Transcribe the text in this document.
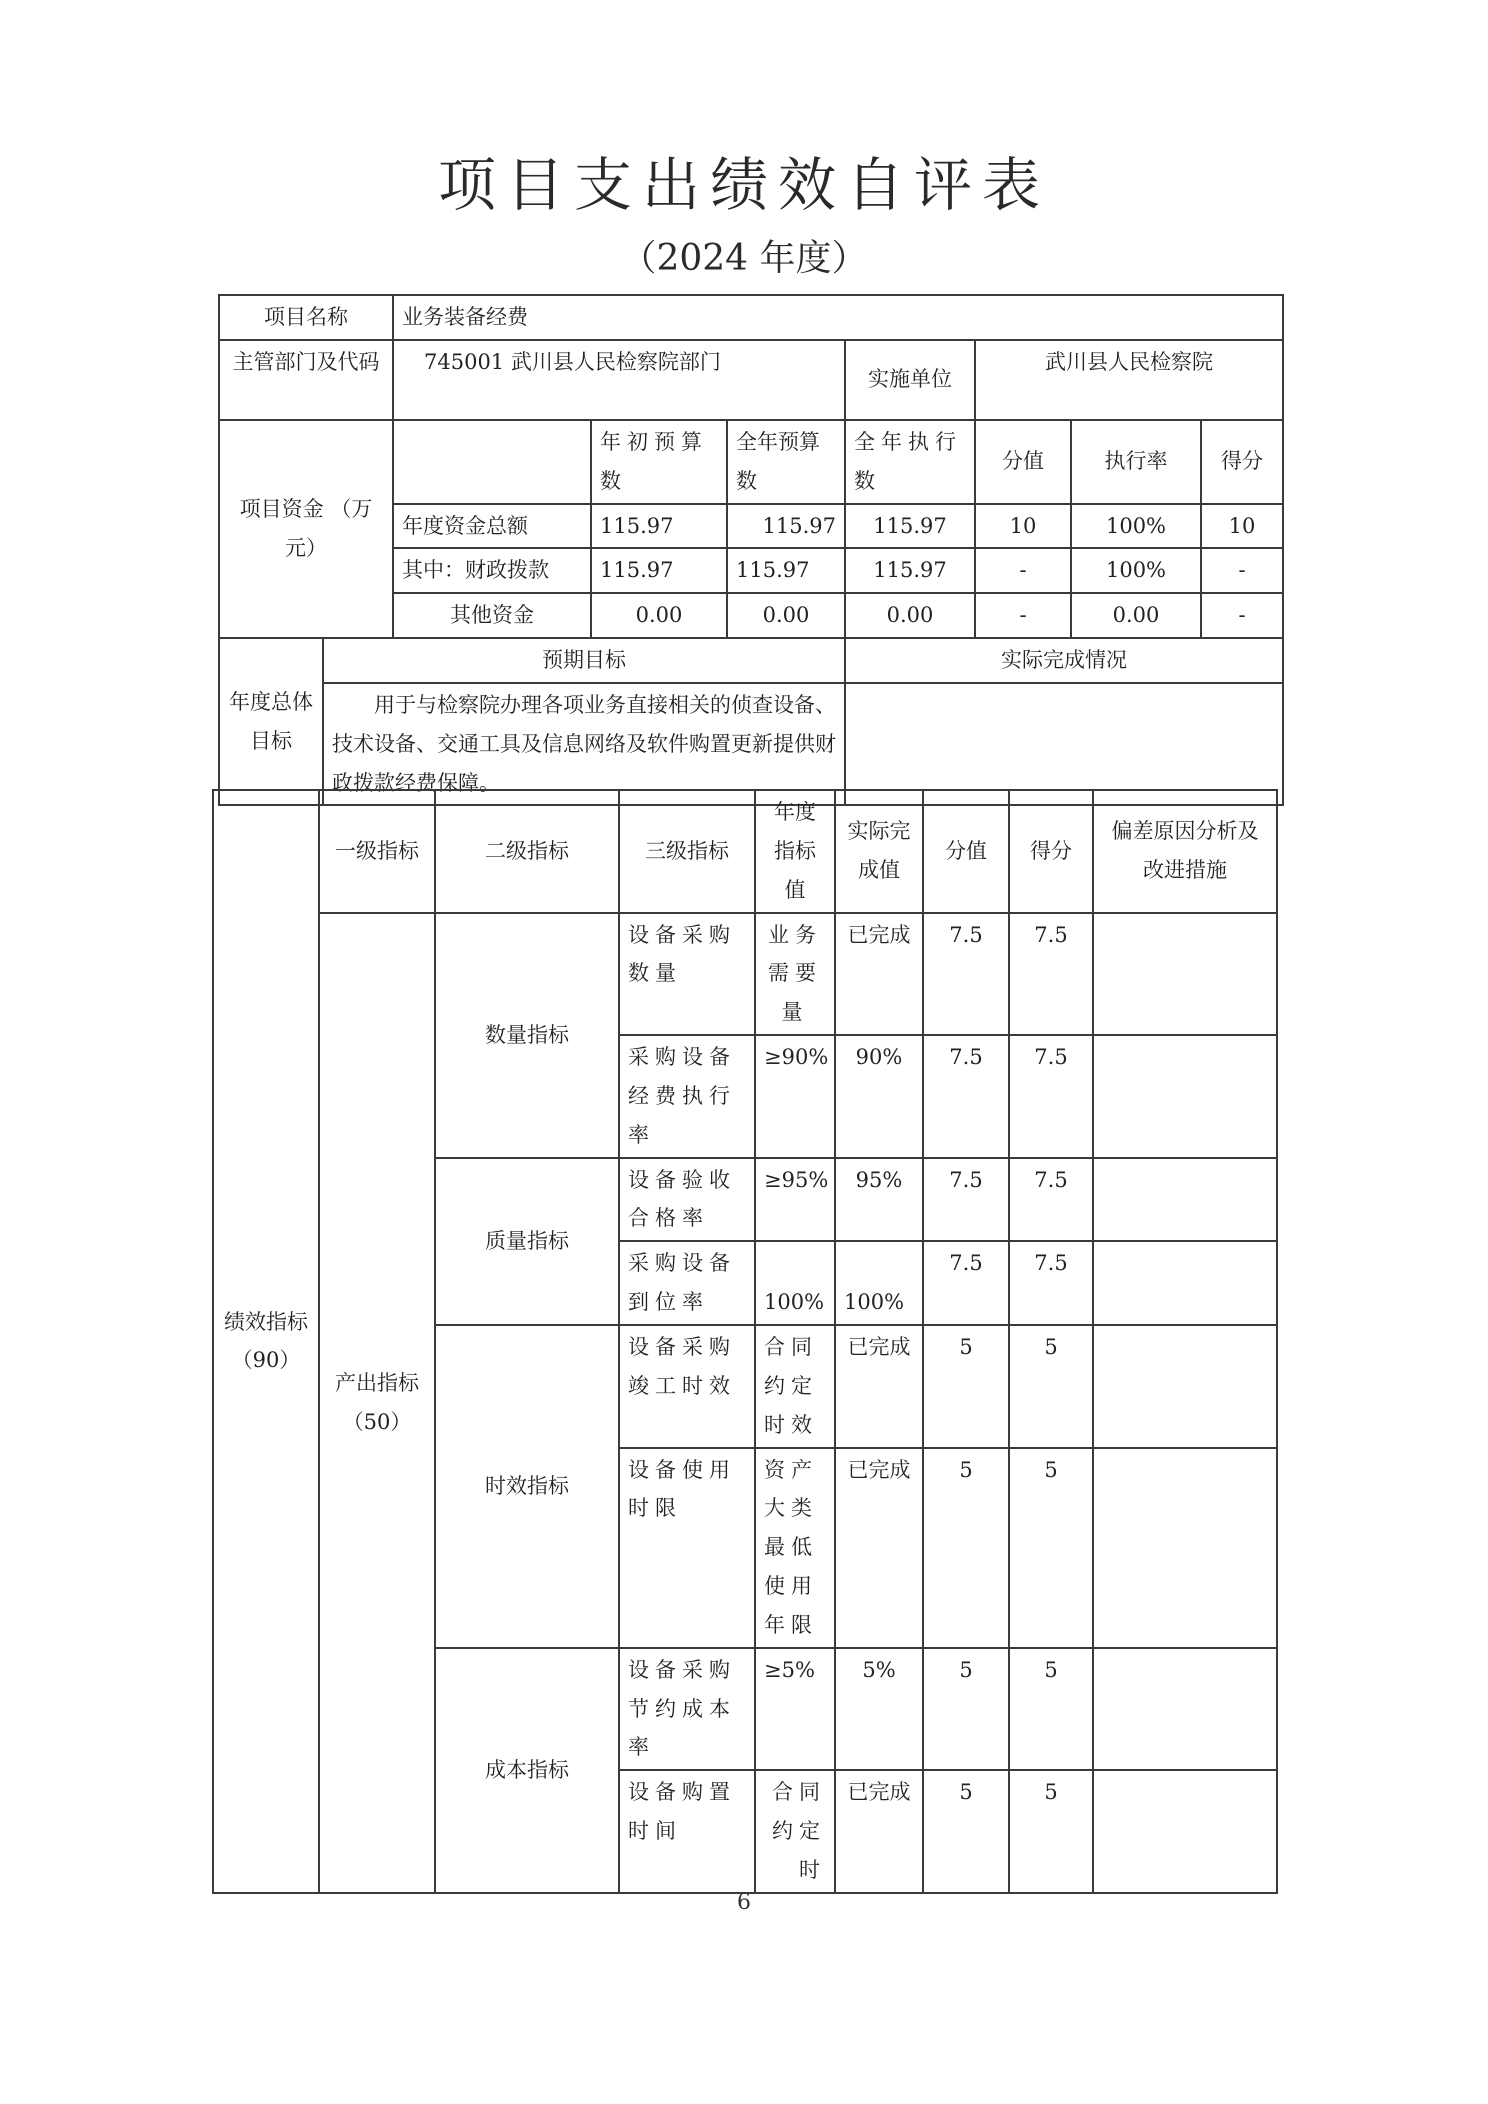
项目支出绩效自评表
（2024 年度）
项目名称		业务装备经费						
主管部门及代码		745001 武川县人民检察院部门			实施单位	武川县人民检察院		
项目资金 （万元）			年初预算数	全年预算数	全年执行数	分值	执行率	得分
		年度资金总额	115.97	115.97	115.97	10	100%	10
		其中：财政拨款	115.97	115.97	115.97	-	100%	-
		其他资金	0.00	0.00	0.00	-	0.00	-
年度总体目标	预期目标				实际完成情况			
	用于与检察院办理各项业务直接相关的侦查设备、技术设备、交通工具及信息网络及软件购置更新提供财政拨款经费保障。							
绩效指标（90）	一级指标	二级指标	三级指标	年度指标值	实际完成值	分值	得分	偏差原因分析及改进措施
	产出指标（50）	数量指标	设备采购数量	业务需要量	已完成	7.5	7.5	
			采购设备经费执行率	≥90%	90%	7.5	7.5	
		质量指标	设备验收合格率	≥95%	95%	7.5	7.5	
			采购设备到位率	100%	100%	7.5	7.5	
		时效指标	设备采购竣工时效	合同约定时效	已完成	5	5	
			设备使用时限	资产大类最低使用年限	已完成	5	5	
		成本指标	设备采购节约成本率	≥5%	5%	5	5	
			设备购置时间	合同约定时	已完成	5	5	
6
